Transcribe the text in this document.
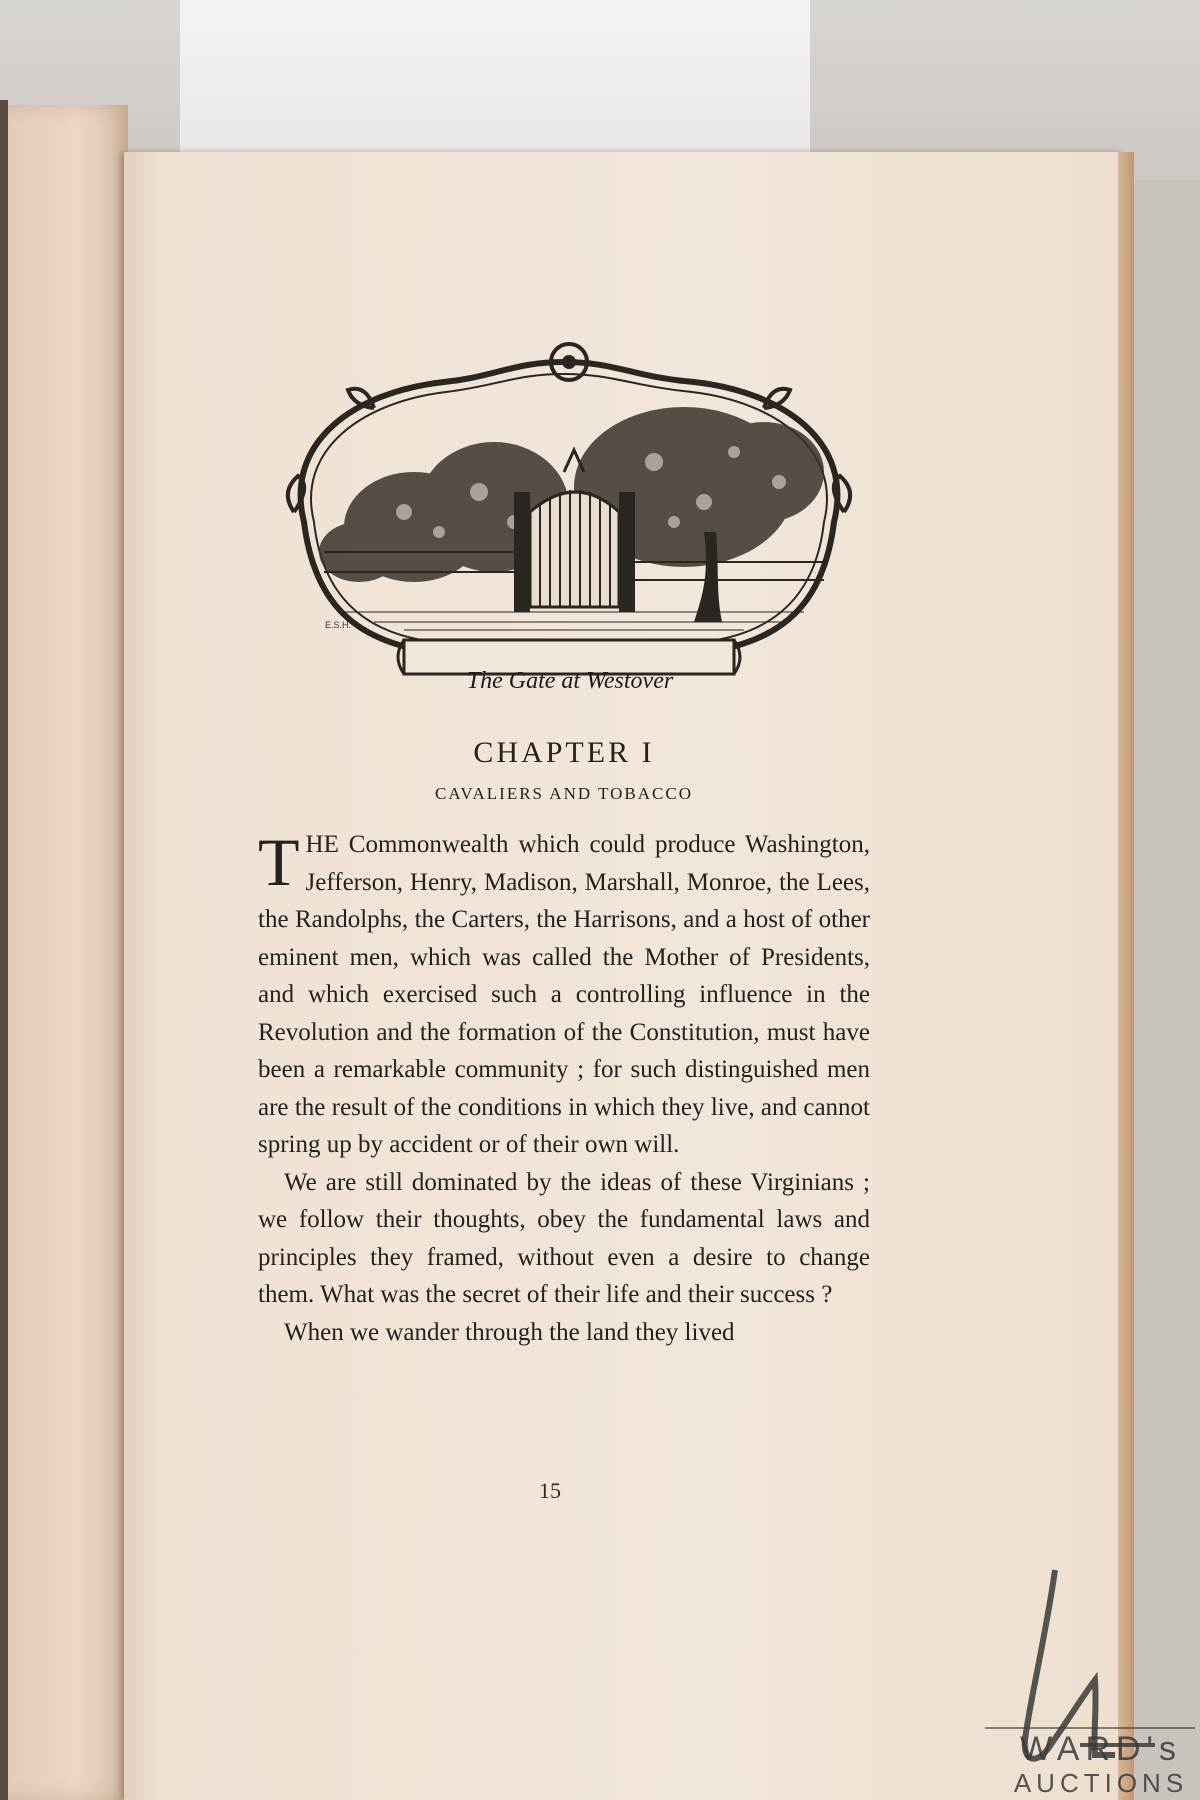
E.S.H.
The Gate at Westover
CHAPTER I
CAVALIERS AND TOBACCO

THE Commonwealth which could produce Washington, Jefferson, Henry, Madison, Marshall, Monroe, the Lees, the Randolphs, the Carters, the Harrisons, and a host of other eminent men, which was called the Mother of Presidents, and which exercised such a controlling influence in the Revolution and the formation of the Constitution, must have been a remarkable community ; for such distinguished men are the result of the conditions in which they live, and cannot spring up by accident or of their own will.

We are still dominated by the ideas of these Virginians ; we follow their thoughts, obey the fundamental laws and principles they framed, without even a desire to change them. What was the secret of their life and their success ?

When we wander through the land they lived

15
WARD's
AUCTIONS
